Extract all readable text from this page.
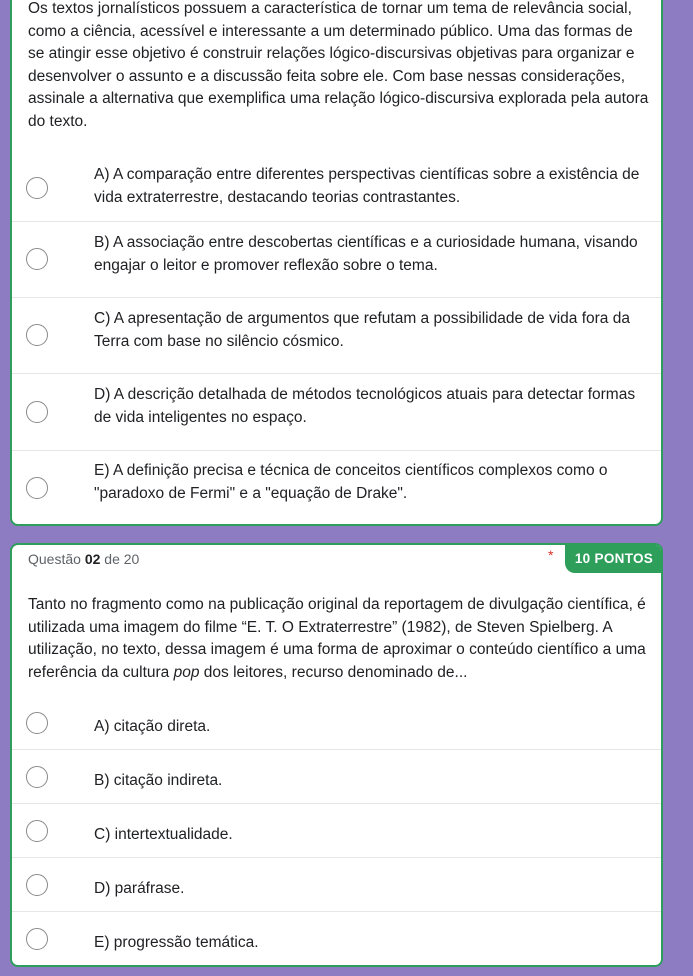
Os textos jornalísticos possuem a característica de tornar um tema de relevância social, como a ciência, acessível e interessante a um determinado público. Uma das formas de se atingir esse objetivo é construir relações lógico-discursivas objetivas para organizar e desenvolver o assunto e a discussão feita sobre ele. Com base nessas considerações, assinale a alternativa que exemplifica uma relação lógico-discursiva explorada pela autora do texto.
A) A comparação entre diferentes perspectivas científicas sobre a existência de vida extraterrestre, destacando teorias contrastantes.
B) A associação entre descobertas científicas e a curiosidade humana, visando engajar o leitor e promover reflexão sobre o tema.
C) A apresentação de argumentos que refutam a possibilidade de vida fora da Terra com base no silêncio cósmico.
D) A descrição detalhada de métodos tecnológicos atuais para detectar formas de vida inteligentes no espaço.
E) A definição precisa e técnica de conceitos científicos complexos como o "paradoxo de Fermi" e a "equação de Drake".
Questão 02 de 20	*	10 PONTOS
Tanto no fragmento como na publicação original da reportagem de divulgação científica, é utilizada uma imagem do filme “E. T. O Extraterrestre” (1982), de Steven Spielberg. A utilização, no texto, dessa imagem é uma forma de aproximar o conteúdo científico a uma referência da cultura pop dos leitores, recurso denominado de...
A) citação direta.
B) citação indireta.
C) intertextualidade.
D) paráfrase.
E) progressão temática.
